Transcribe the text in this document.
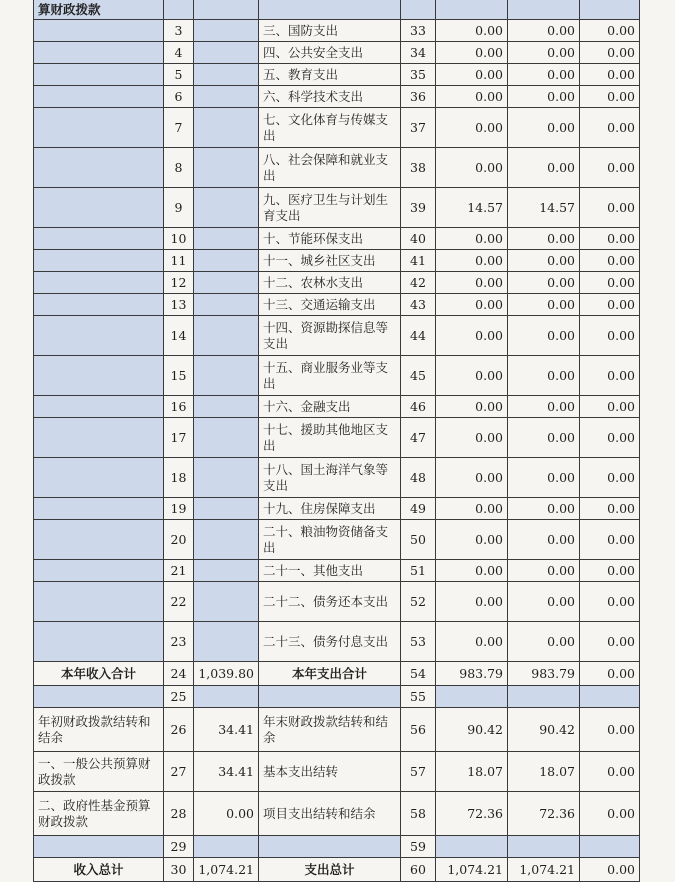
算财政拨款							
	3		三、国防支出	33	0.00	0.00	0.00
	4		四、公共安全支出	34	0.00	0.00	0.00
	5		五、教育支出	35	0.00	0.00	0.00
	6		六、科学技术支出	36	0.00	0.00	0.00
	7		七、文化体育与传媒支出	37	0.00	0.00	0.00
	8		八、社会保障和就业支出	38	0.00	0.00	0.00
	9		九、医疗卫生与计划生育支出	39	14.57	14.57	0.00
	10		十、节能环保支出	40	0.00	0.00	0.00
	11		十一、城乡社区支出	41	0.00	0.00	0.00
	12		十二、农林水支出	42	0.00	0.00	0.00
	13		十三、交通运输支出	43	0.00	0.00	0.00
	14		十四、资源勘探信息等支出	44	0.00	0.00	0.00
	15		十五、商业服务业等支出	45	0.00	0.00	0.00
	16		十六、金融支出	46	0.00	0.00	0.00
	17		十七、援助其他地区支出	47	0.00	0.00	0.00
	18		十八、国土海洋气象等支出	48	0.00	0.00	0.00
	19		十九、住房保障支出	49	0.00	0.00	0.00
	20		二十、粮油物资储备支出	50	0.00	0.00	0.00
	21		二十一、其他支出	51	0.00	0.00	0.00
	22		二十二、债务还本支出	52	0.00	0.00	0.00
	23		二十三、债务付息支出	53	0.00	0.00	0.00
本年收入合计	24	1,039.80	本年支出合计	54	983.79	983.79	0.00
	25			55			
年初财政拨款结转和结余	26	34.41	年末财政拨款结转和结余	56	90.42	90.42	0.00
一、一般公共预算财政拨款	27	34.41	基本支出结转	57	18.07	18.07	0.00
二、政府性基金预算财政拨款	28	0.00	项目支出结转和结余	58	72.36	72.36	0.00
	29			59			
收入总计	30	1,074.21	支出总计	60	1,074.21	1,074.21	0.00
